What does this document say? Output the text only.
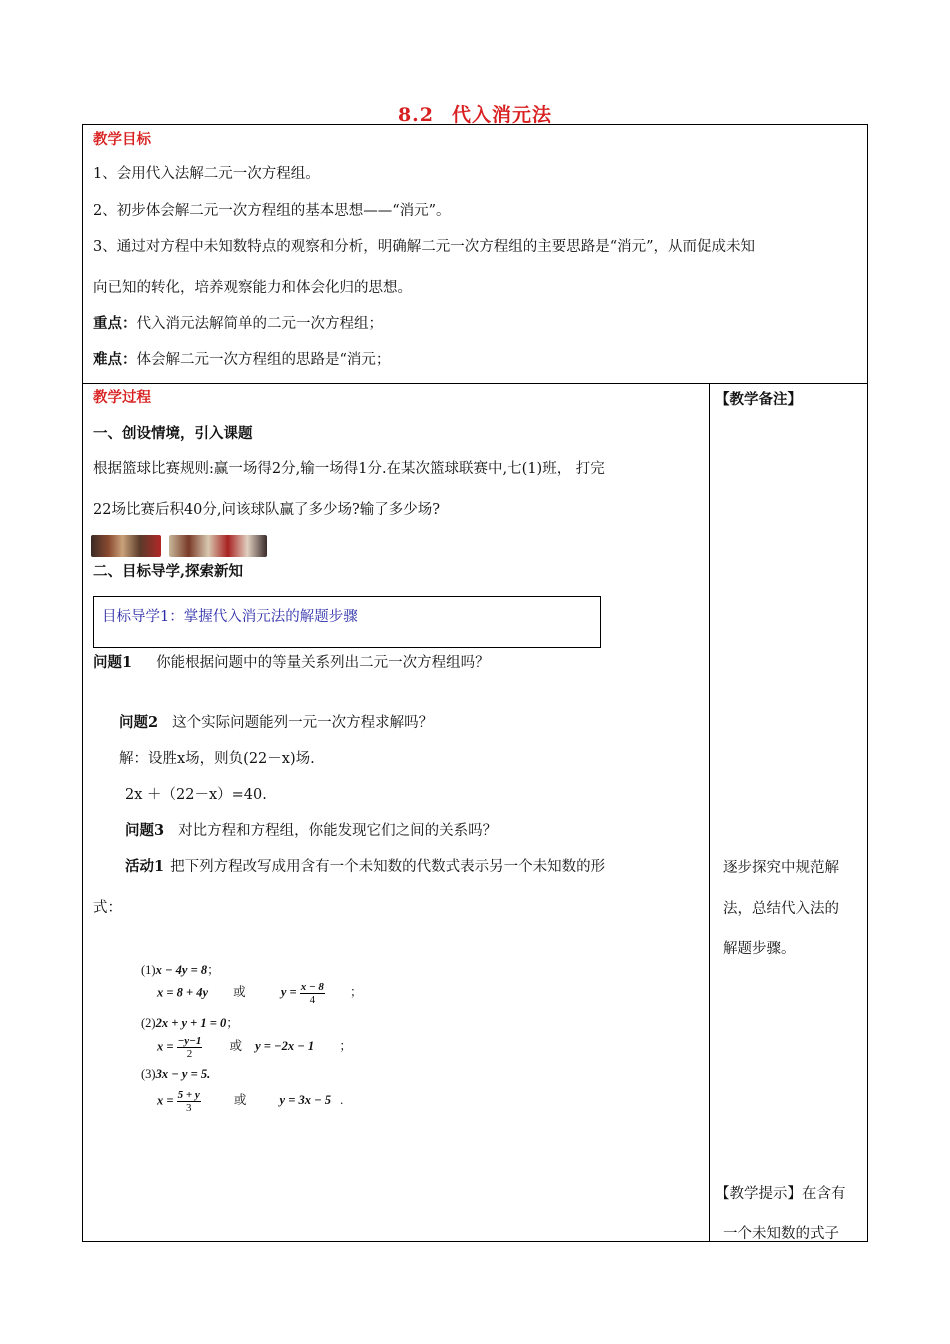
8.2 代入消元法
教学目标
1、会用代入法解二元一次方程组。
2、初步体会解二元一次方程组的基本思想——“消元”。
3、通过对方程中未知数特点的观察和分析，明确解二元一次方程组的主要思路是“消元”，从而促成未知
向已知的转化，培养观察能力和体会化归的思想。
重点：代入消元法解简单的二元一次方程组；
难点：体会解二元一次方程组的思路是“消元；
教学过程
一、创设情境，引入课题
根据篮球比赛规则:赢一场得2分,输一场得1分.在某次篮球联赛中,七(1)班， 打完
22场比赛后积40分,问该球队赢了多少场?输了多少场?
二、目标导学,探索新知
目标导学1：掌握代入消元法的解题步骤
问题1 你能根据问题中的等量关系列出二元一次方程组吗？
问题2 这个实际问题能列一元一次方程求解吗？
解：设胜x场，则负(22－x)场.
2x ＋（22－x）=40.
问题3 对比方程和方程组，你能发现它们之间的关系吗？
活动1 把下列方程改写成用含有一个未知数的代数式表示另一个未知数的形
式：
(1)x − 4y = 8；
x = 8 + 4y 或	$y = \frac{x - 8}{4}$ ；
(2)2x + y + 1 = 0；
$x = \frac{-y-1}{2}$ 或 y = −2x − 1 ；
(3)3x − y = 5.
$x = \frac{5 + y}{3}$	或	y = 3x − 5 .
【教学备注】
逐步探究中规范解
法，总结代入法的
解题步骤。
【教学提示】在含有
一个未知数的式子
